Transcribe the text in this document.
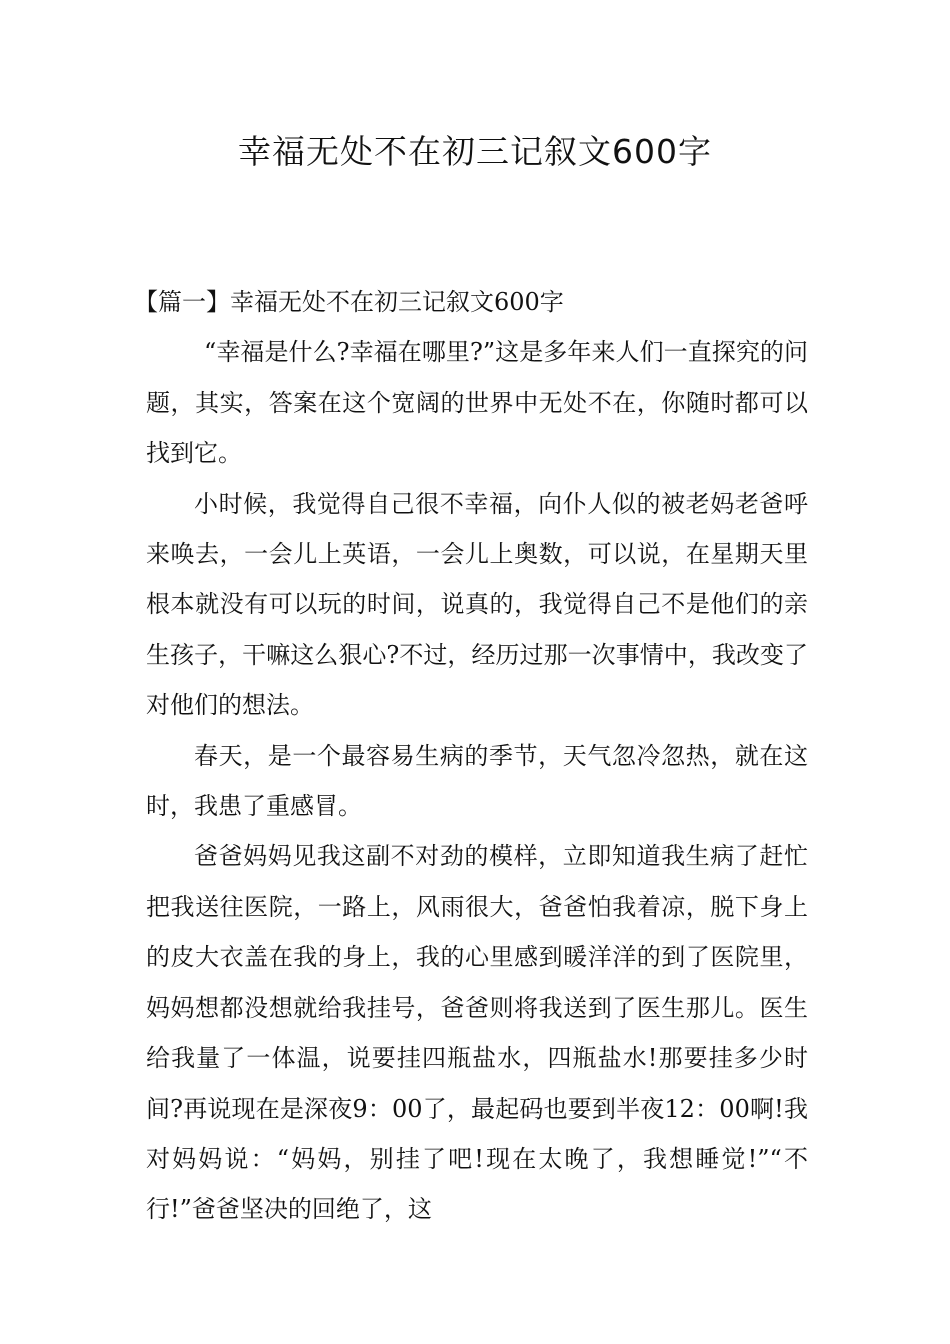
幸福无处不在初三记叙文600字

【篇一】幸福无处不在初三记叙文600字

“幸福是什么?幸福在哪里?”这是多年来人们一直探究的问题，其实，答案在这个宽阔的世界中无处不在，你随时都可以找到它。

小时候，我觉得自己很不幸福，向仆人似的被老妈老爸呼来唤去，一会儿上英语，一会儿上奥数，可以说，在星期天里根本就没有可以玩的时间，说真的，我觉得自己不是他们的亲生孩子，干嘛这么狠心?不过，经历过那一次事情中，我改变了对他们的想法。

春天，是一个最容易生病的季节，天气忽冷忽热，就在这时，我患了重感冒。

爸爸妈妈见我这副不对劲的模样，立即知道我生病了赶忙把我送往医院，一路上，风雨很大，爸爸怕我着凉，脱下身上的皮大衣盖在我的身上，我的心里感到暖洋洋的到了医院里，妈妈想都没想就给我挂号，爸爸则将我送到了医生那儿。医生给我量了一体温，说要挂四瓶盐水，四瓶盐水!那要挂多少时间?再说现在是深夜9：00了，最起码也要到半夜12：00啊!我对妈妈说：“妈妈，别挂了吧!现在太晚了，我想睡觉!”“不行!”爸爸坚决的回绝了，这
